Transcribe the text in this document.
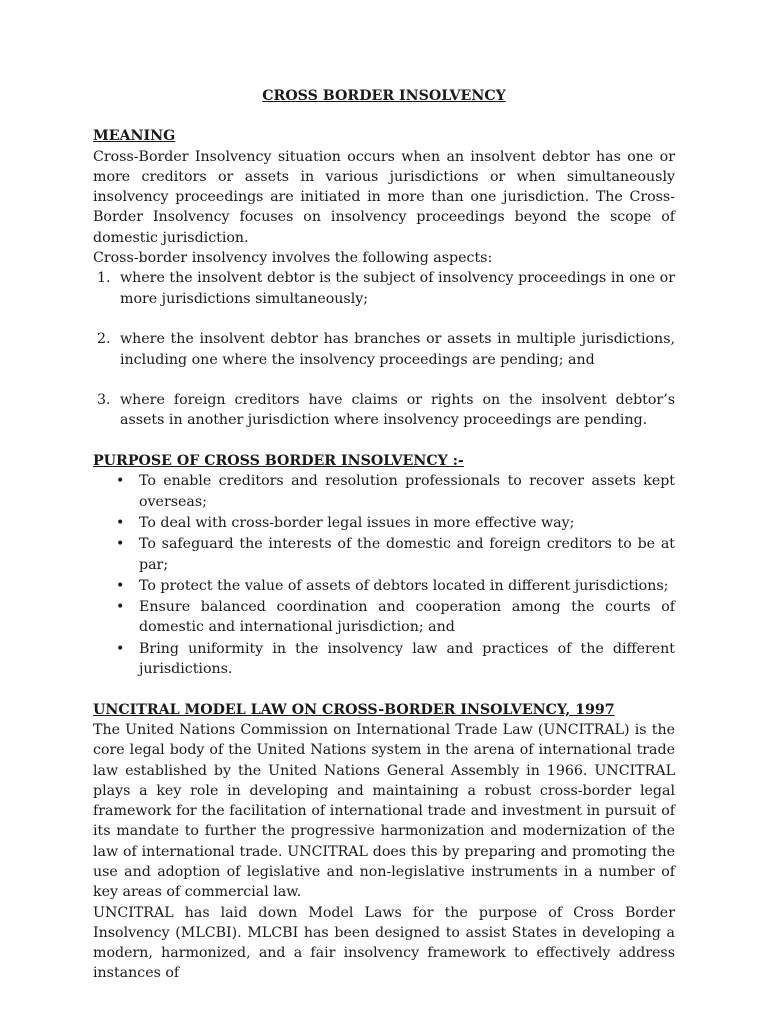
CROSS BORDER INSOLVENCY
MEANING

Cross-Border Insolvency situation occurs when an insolvent debtor has one or more creditors or assets in various jurisdictions or when simultaneously insolvency proceedings are initiated in more than one jurisdiction. The Cross-Border Insolvency focuses on insolvency proceedings beyond the scope of domestic jurisdiction.

Cross-border insolvency involves the following aspects:

1. where the insolvent debtor is the subject of insolvency proceedings in one or more jurisdictions simultaneously;
2. where the insolvent debtor has branches or assets in multiple jurisdictions, including one where the insolvency proceedings are pending; and
3. where foreign creditors have claims or rights on the insolvent debtor’s assets in another jurisdiction where insolvency proceedings are pending.
PURPOSE OF CROSS BORDER INSOLVENCY :-
• To enable creditors and resolution professionals to recover assets kept overseas;
• To deal with cross-border legal issues in more effective way;
• To safeguard the interests of the domestic and foreign creditors to be at par;
• To protect the value of assets of debtors located in different jurisdictions;
• Ensure balanced coordination and cooperation among the courts of domestic and international jurisdiction; and
• Bring uniformity in the insolvency law and practices of the different jurisdictions.
UNCITRAL MODEL LAW ON CROSS-BORDER INSOLVENCY, 1997

The United Nations Commission on International Trade Law (UNCITRAL) is the core legal body of the United Nations system in the arena of international trade law established by the United Nations General Assembly in 1966. UNCITRAL plays a key role in developing and maintaining a robust cross-border legal framework for the facilitation of international trade and investment in pursuit of its mandate to further the progressive harmonization and modernization of the law of international trade. UNCITRAL does this by preparing and promoting the use and adoption of legislative and non-legislative instruments in a number of key areas of commercial law.

UNCITRAL has laid down Model Laws for the purpose of Cross Border Insolvency (MLCBI). MLCBI has been designed to assist States in developing a modern, harmonized, and a fair insolvency framework to effectively address instances of
